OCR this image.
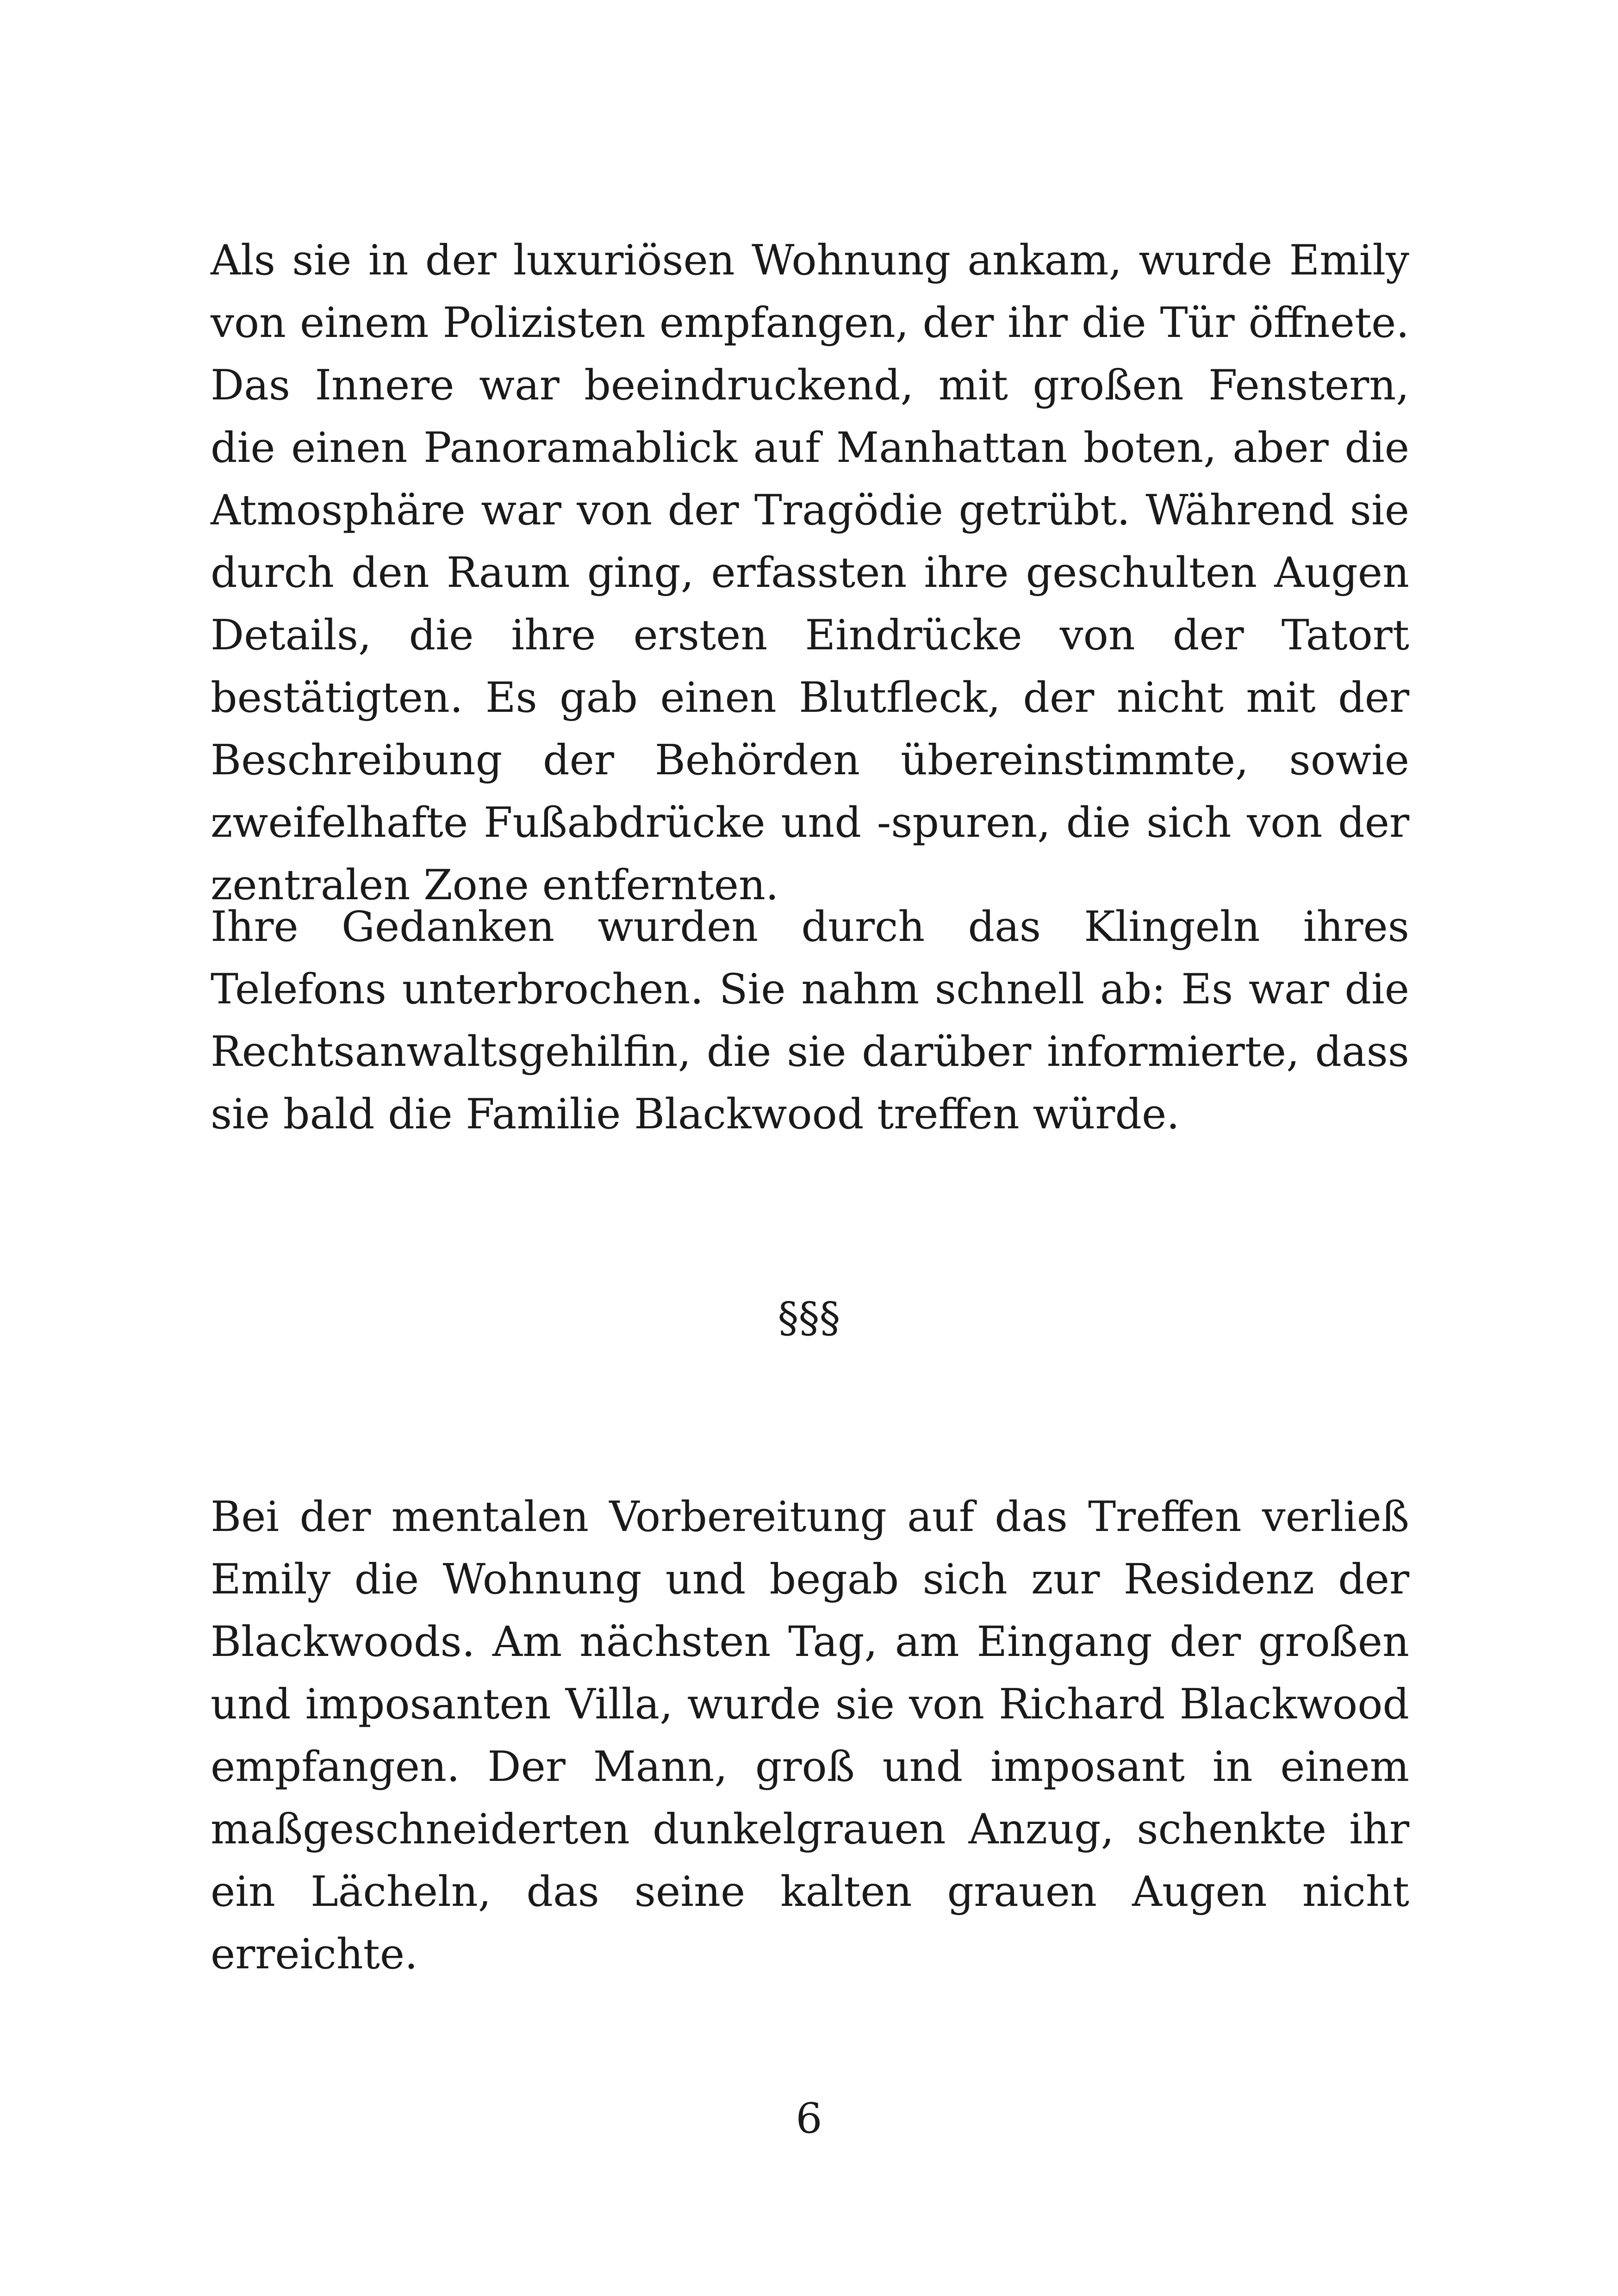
Als sie in der luxuriösen Wohnung ankam, wurde Emily von einem Polizisten empfangen, der ihr die Tür öffnete. Das Innere war beeindruckend, mit großen Fenstern, die einen Panoramablick auf Manhattan boten, aber die Atmosphäre war von der Tragödie getrübt. Während sie durch den Raum ging, erfassten ihre geschulten Augen Details, die ihre ersten Eindrücke von der Tatort bestätigten. Es gab einen Blutfleck, der nicht mit der Beschreibung der Behörden übereinstimmte, sowie zweifelhafte Fußabdrücke und -spuren, die sich von der zentralen Zone entfernten.

Ihre Gedanken wurden durch das Klingeln ihres Telefons unterbrochen. Sie nahm schnell ab: Es war die Rechtsanwaltsgehilfin, die sie darüber informierte, dass sie bald die Familie Blackwood treffen würde.

§§§

Bei der mentalen Vorbereitung auf das Treffen verließ Emily die Wohnung und begab sich zur Residenz der Blackwoods. Am nächsten Tag, am Eingang der großen und imposanten Villa, wurde sie von Richard Blackwood empfangen. Der Mann, groß und imposant in einem maßgeschneiderten dunkelgrauen Anzug, schenkte ihr ein Lächeln, das seine kalten grauen Augen nicht erreichte.

6
